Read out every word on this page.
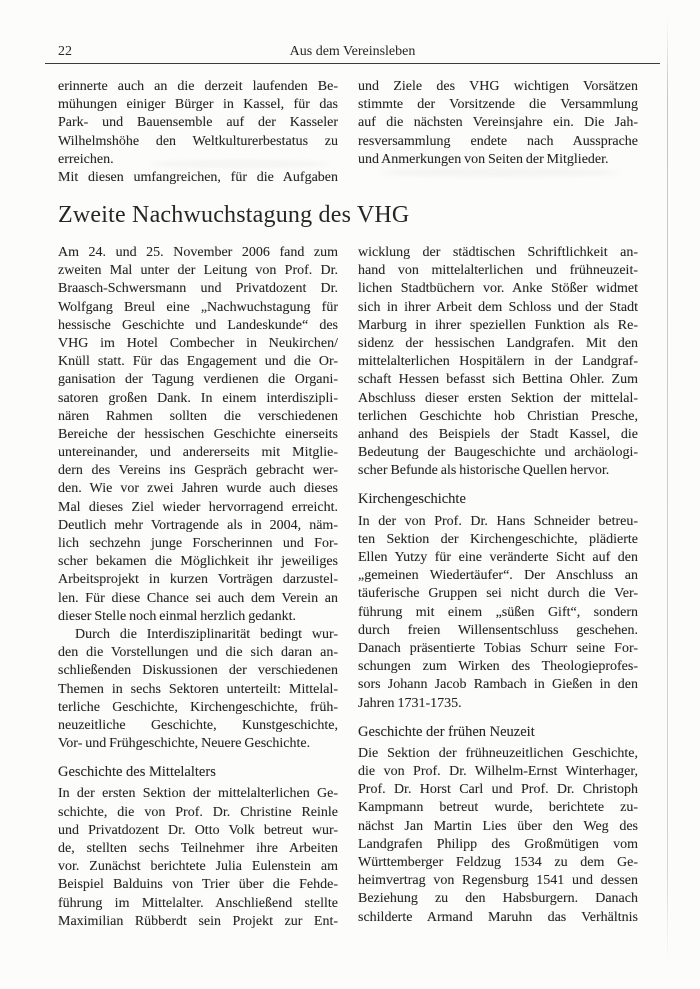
22	Aus dem Vereinsleben
erinnerte auch an die derzeit laufenden Be-
mühungen einiger Bürger in Kassel, für das
Park- und Bauensemble auf der Kasseler
Wilhelmshöhe den Weltkulturerbestatus zu
erreichen.
Mit diesen umfangreichen, für die Aufgaben
und Ziele des VHG wichtigen Vorsätzen
stimmte der Vorsitzende die Versammlung
auf die nächsten Vereinsjahre ein. Die Jah-
resversammlung endete nach Aussprache
und Anmerkungen von Seiten der Mitglieder.
Zweite Nachwuchstagung des VHG
Am 24. und 25. November 2006 fand zum
zweiten Mal unter der Leitung von Prof. Dr.
Braasch-Schwersmann und Privatdozent Dr.
Wolfgang Breul eine „Nachwuchstagung für
hessische Geschichte und Landeskunde“ des
VHG im Hotel Combecher in Neukirchen/
Knüll statt. Für das Engagement und die Or-
ganisation der Tagung verdienen die Organi-
satoren großen Dank. In einem interdiszipli-
nären Rahmen sollten die verschiedenen
Bereiche der hessischen Geschichte einerseits
untereinander, und andererseits mit Mitglie-
dern des Vereins ins Gespräch gebracht wer-
den. Wie vor zwei Jahren wurde auch dieses
Mal dieses Ziel wieder hervorragend erreicht.
Deutlich mehr Vortragende als in 2004, näm-
lich sechzehn junge Forscherinnen und For-
scher bekamen die Möglichkeit ihr jeweiliges
Arbeitsprojekt in kurzen Vorträgen darzustel-
len. Für diese Chance sei auch dem Verein an
dieser Stelle noch einmal herzlich gedankt.
Durch die Interdisziplinarität bedingt wur-
den die Vorstellungen und die sich daran an-
schließenden Diskussionen der verschiedenen
Themen in sechs Sektoren unterteilt: Mittelal-
terliche Geschichte, Kirchengeschichte, früh-
neuzeitliche Geschichte, Kunstgeschichte,
Vor- und Frühgeschichte, Neuere Geschichte.
Geschichte des Mittelalters
In der ersten Sektion der mittelalterlichen Ge-
schichte, die von Prof. Dr. Christine Reinle
und Privatdozent Dr. Otto Volk betreut wur-
de, stellten sechs Teilnehmer ihre Arbeiten
vor. Zunächst berichtete Julia Eulenstein am
Beispiel Balduins von Trier über die Fehde-
führung im Mittelalter. Anschließend stellte
Maximilian Rübberdt sein Projekt zur Ent-
wicklung der städtischen Schriftlichkeit an-
hand von mittelalterlichen und frühneuzeit-
lichen Stadtbüchern vor. Anke Stößer widmet
sich in ihrer Arbeit dem Schloss und der Stadt
Marburg in ihrer speziellen Funktion als Re-
sidenz der hessischen Landgrafen. Mit den
mittelalterlichen Hospitälern in der Landgraf-
schaft Hessen befasst sich Bettina Ohler. Zum
Abschluss dieser ersten Sektion der mittelal-
terlichen Geschichte hob Christian Presche,
anhand des Beispiels der Stadt Kassel, die
Bedeutung der Baugeschichte und archäologi-
scher Befunde als historische Quellen hervor.
Kirchengeschichte
In der von Prof. Dr. Hans Schneider betreu-
ten Sektion der Kirchengeschichte, plädierte
Ellen Yutzy für eine veränderte Sicht auf den
„gemeinen Wiedertäufer“. Der Anschluss an
täuferische Gruppen sei nicht durch die Ver-
führung mit einem „süßen Gift“, sondern
durch freien Willensentschluss geschehen.
Danach präsentierte Tobias Schurr seine For-
schungen zum Wirken des Theologieprofes-
sors Johann Jacob Rambach in Gießen in den
Jahren 1731-1735.
Geschichte der frühen Neuzeit
Die Sektion der frühneuzeitlichen Geschichte,
die von Prof. Dr. Wilhelm-Ernst Winterhager,
Prof. Dr. Horst Carl und Prof. Dr. Christoph
Kampmann betreut wurde, berichtete zu-
nächst Jan Martin Lies über den Weg des
Landgrafen Philipp des Großmütigen vom
Württemberger Feldzug 1534 zu dem Ge-
heimvertrag von Regensburg 1541 und dessen
Beziehung zu den Habsburgern. Danach
schilderte Armand Maruhn das Verhältnis
